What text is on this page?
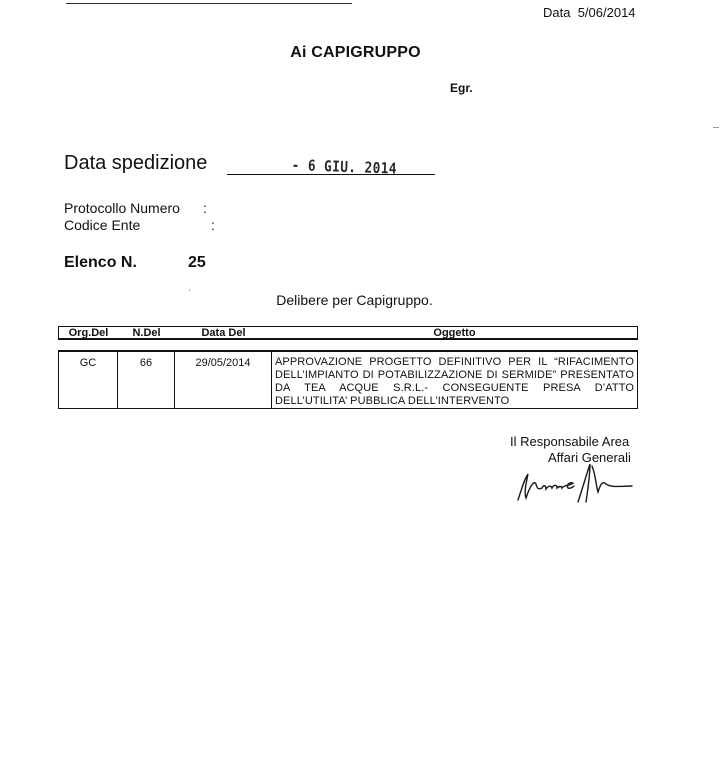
Data 5/06/2014
Ai CAPIGRUPPO
Egr.
Data spedizione	- 6 GIU. 2014
Protocollo Numero :
Codice Ente	:
Elenco N.	25
Delibere per Capigruppo.
Org.Del	N.Del	Data Del	Oggetto
GC	66	29/05/2014	APPROVAZIONE PROGETTO DEFINITIVO PER IL “RIFACIMENTO DELL’IMPIANTO DI POTABILIZZAZIONE DI SERMIDE” PRESENTATO DA TEA ACQUE S.R.L.- CONSEGUENTE PRESA D’ATTO DELL’UTILITA’ PUBBLICA DELL’INTERVENTO
Il Responsabile Area
Affari Generali
